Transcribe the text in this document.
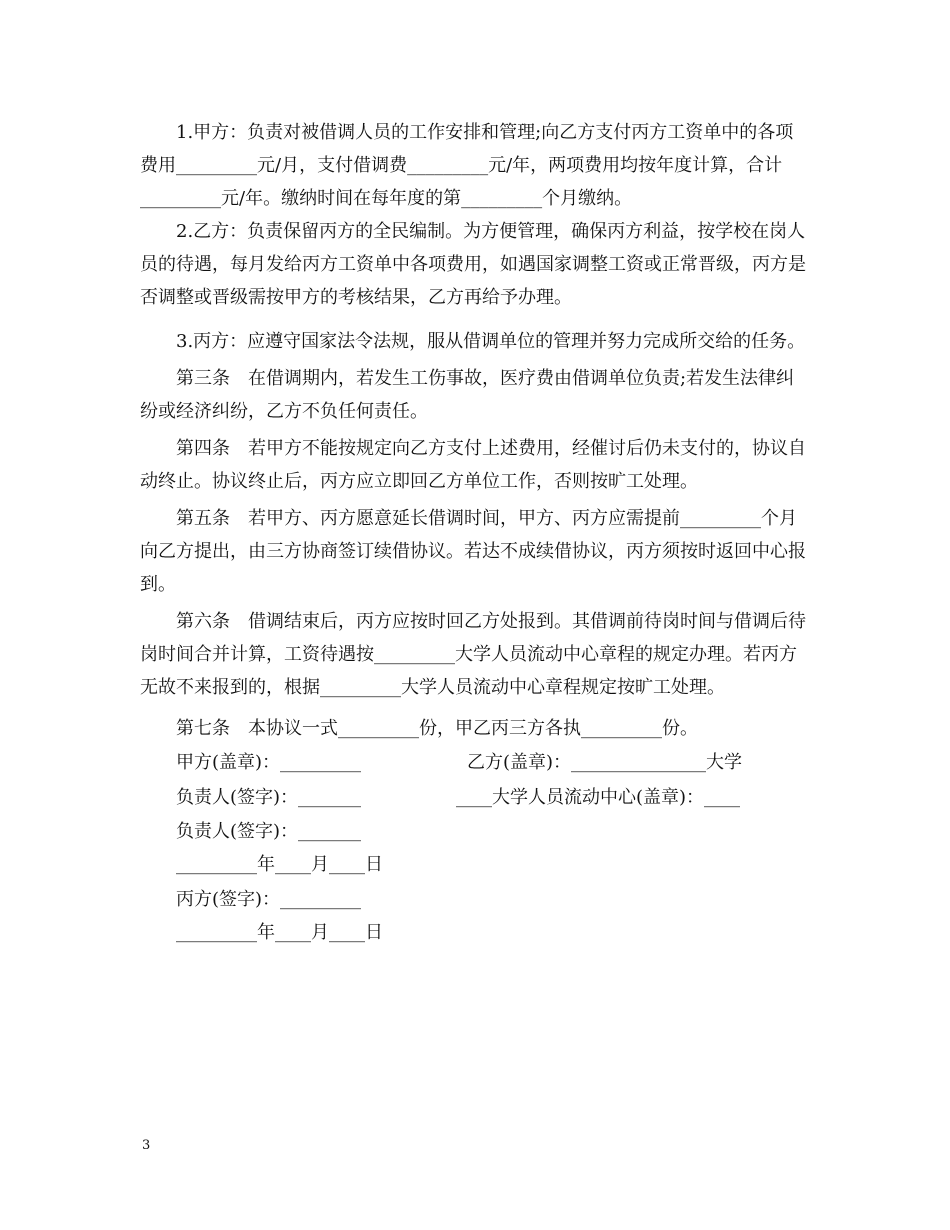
1.甲方：负责对被借调人员的工作安排和管理;向乙方支付丙方工资单中的各项费用_________元/月，支付借调费_________元/年，两项费用均按年度计算，合计_________元/年。缴纳时间在每年度的第_________个月缴纳。

2.乙方：负责保留丙方的全民编制。为方便管理，确保丙方利益，按学校在岗人员的待遇，每月发给丙方工资单中各项费用，如遇国家调整工资或正常晋级，丙方是否调整或晋级需按甲方的考核结果，乙方再给予办理。

3.丙方：应遵守国家法令法规，服从借调单位的管理并努力完成所交给的任务。

第三条　在借调期内，若发生工伤事故，医疗费由借调单位负责;若发生法律纠纷或经济纠纷，乙方不负任何责任。

第四条　若甲方不能按规定向乙方支付上述费用，经催讨后仍未支付的，协议自动终止。协议终止后，丙方应立即回乙方单位工作，否则按旷工处理。

第五条　若甲方、丙方愿意延长借调时间，甲方、丙方应需提前_________个月向乙方提出，由三方协商签订续借协议。若达不成续借协议，丙方须按时返回中心报到。

第六条　借调结束后，丙方应按时回乙方处报到。其借调前待岗时间与借调后待岗时间合并计算，工资待遇按_________大学人员流动中心章程的规定办理。若丙方无故不来报到的，根据_________大学人员流动中心章程规定按旷工处理。

第七条　本协议一式_________份，甲乙丙三方各执_________份。

甲方(盖章)：_________	乙方(盖章)：_______________大学

负责人(签字)：_______	____大学人员流动中心(盖章)：____

负责人(签字)：_______

_________年____月____日

丙方(签字)：_________

_________年____月____日

3
